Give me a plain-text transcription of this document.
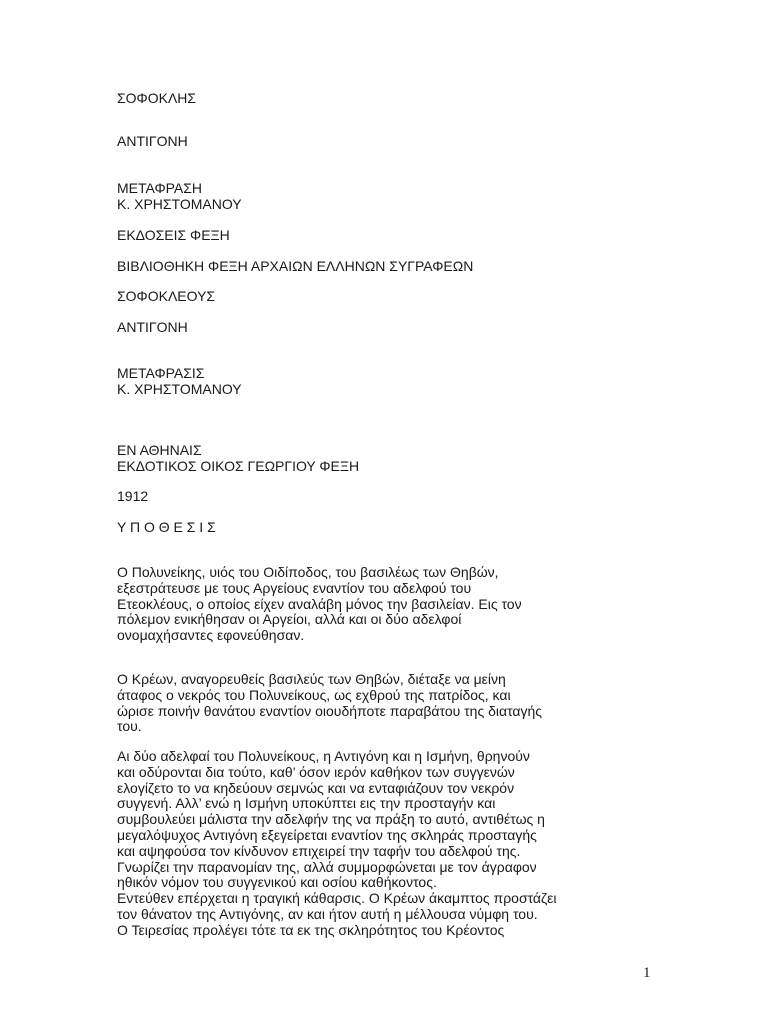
ΣΟΦΟΚΛΗΣ
ΑΝΤΙΓΟΝΗ
ΜΕΤΑΦΡΑΣΗ
Κ. ΧΡΗΣΤΟΜΑΝΟΥ
ΕΚΔΟΣΕΙΣ ΦΕΞΗ
ΒΙΒΛΙΟΘΗΚΗ ΦΕΞΗ ΑΡΧΑΙΩΝ ΕΛΛΗΝΩΝ ΣΥΓΡΑΦΕΩΝ
ΣΟΦΟΚΛΕΟΥΣ
ΑΝΤΙΓΟΝΗ
ΜΕΤΑΦΡΑΣΙΣ
Κ. ΧΡΗΣΤΟΜΑΝΟΥ
ΕΝ ΑΘΗΝΑΙΣ
ΕΚΔΟΤΙΚΟΣ ΟΙΚΟΣ ΓΕΩΡΓΙΟΥ ΦΕΞΗ
1912
Υ Π Ο Θ Ε Σ Ι Σ
Ο Πολυνείκης, υιός του Οιδίποδος, του βασιλέως των Θηβών,
εξεστράτευσε με τους Αργείους εναντίον του αδελφού του
Ετεοκλέους, ο οποίος είχεν αναλάβη μόνος την βασιλείαν. Εις τον
πόλεμον ενικήθησαν οι Αργείοι, αλλά και οι δύο αδελφοί
ονομαχήσαντες εφονεύθησαν.
Ο Κρέων, αναγορευθείς βασιλεύς των Θηβών, διέταξε να μείνη
άταφος ο νεκρός του Πολυνείκους, ως εχθρού της πατρίδος, και
ώρισε ποινήν θανάτου εναντίον οιουδήποτε παραβάτου της διαταγής
του.
Αι δύο αδελφαί του Πολυνείκους, η Αντιγόνη και η Ισμήνη, θρηνούν
και οδύρονται δια τούτο, καθ’ όσον ιερόν καθήκον των συγγενών
ελογίζετο το να κηδεύουν σεμνώς και να ενταφιάζουν τον νεκρόν
συγγενή. Αλλ’ ενώ η Ισμήνη υποκύπτει εις την προσταγήν και
συμβουλεύει μάλιστα την αδελφήν της να πράξη το αυτό, αντιθέτως η
μεγαλόψυχος Αντιγόνη εξεγείρεται εναντίον της σκληράς προσταγής
και αψηφούσα τον κίνδυνον επιχειρεί την ταφήν του αδελφού της.
Γνωρίζει την παρανομίαν της, αλλά συμμορφώνεται με τον άγραφον
ηθικόν νόμον του συγγενικού και οσίου καθήκοντος.
Εντεύθεν επέρχεται η τραγική κάθαρσις. Ο Κρέων άκαμπτος προστάζει
τον θάνατον της Αντιγόνης, αν και ήτον αυτή η μέλλουσα νύμφη του.
Ο Τειρεσίας προλέγει τότε τα εκ της σκληρότητος του Κρέοντος
1
